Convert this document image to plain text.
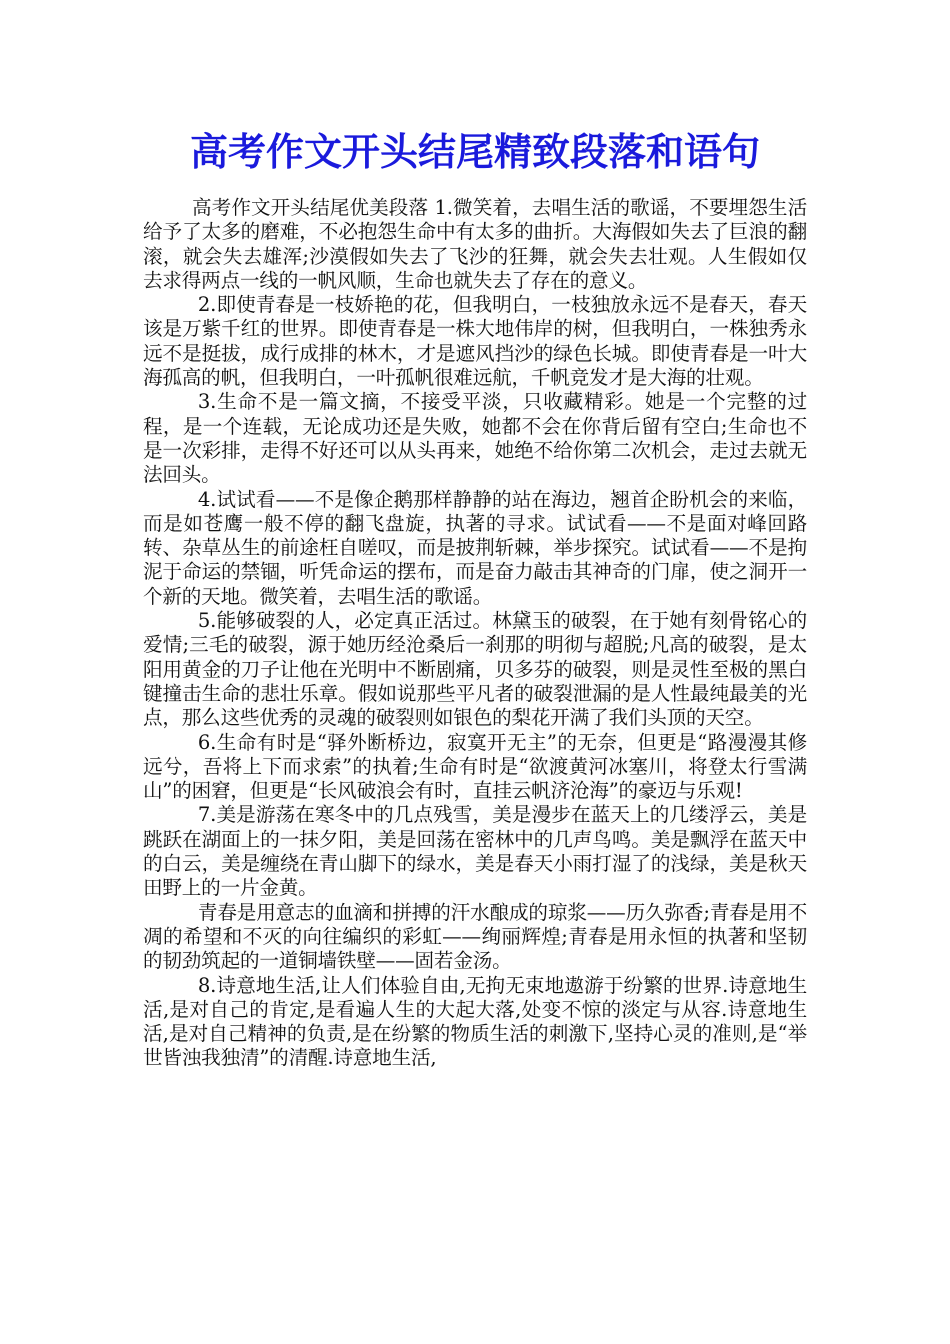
高考作文开头结尾精致段落和语句

高考作文开头结尾优美段落 1.微笑着，去唱生活的歌谣，不要埋怨生活给予了太多的磨难，不必抱怨生命中有太多的曲折。大海假如失去了巨浪的翻滚，就会失去雄浑;沙漠假如失去了飞沙的狂舞，就会失去壮观。人生假如仅去求得两点一线的一帆风顺，生命也就失去了存在的意义。

2.即使青春是一枝娇艳的花，但我明白，一枝独放永远不是春天，春天该是万紫千红的世界。即使青春是一株大地伟岸的树，但我明白，一株独秀永远不是挺拔，成行成排的林木，才是遮风挡沙的绿色长城。即使青春是一叶大海孤高的帆，但我明白，一叶孤帆很难远航，千帆竞发才是大海的壮观。

3.生命不是一篇文摘，不接受平淡，只收藏精彩。她是一个完整的过程，是一个连载，无论成功还是失败，她都不会在你背后留有空白;生命也不是一次彩排，走得不好还可以从头再来，她绝不给你第二次机会，走过去就无法回头。

4.试试看——不是像企鹅那样静静的站在海边，翘首企盼机会的来临，而是如苍鹰一般不停的翻飞盘旋，执著的寻求。试试看——不是面对峰回路转、杂草丛生的前途枉自嗟叹，而是披荆斩棘，举步探究。试试看——不是拘泥于命运的禁锢，听凭命运的摆布，而是奋力敲击其神奇的门扉，使之洞开一个新的天地。微笑着，去唱生活的歌谣。

5.能够破裂的人，必定真正活过。林黛玉的破裂，在于她有刻骨铭心的爱情;三毛的破裂，源于她历经沧桑后一刹那的明彻与超脱;凡高的破裂，是太阳用黄金的刀子让他在光明中不断剧痛，贝多芬的破裂，则是灵性至极的黑白键撞击生命的悲壮乐章。假如说那些平凡者的破裂泄漏的是人性最纯最美的光点，那么这些优秀的灵魂的破裂则如银色的梨花开满了我们头顶的天空。

6.生命有时是“驿外断桥边，寂寞开无主”的无奈，但更是“路漫漫其修远兮，吾将上下而求索”的执着;生命有时是“欲渡黄河冰塞川，将登太行雪满山”的困窘，但更是“长风破浪会有时，直挂云帆济沧海”的豪迈与乐观!

7.美是游荡在寒冬中的几点残雪，美是漫步在蓝天上的几缕浮云，美是跳跃在湖面上的一抹夕阳，美是回荡在密林中的几声鸟鸣。美是飘浮在蓝天中的白云，美是缠绕在青山脚下的绿水，美是春天小雨打湿了的浅绿，美是秋天田野上的一片金黄。

青春是用意志的血滴和拼搏的汗水酿成的琼浆——历久弥香;青春是用不凋的希望和不灭的向往编织的彩虹——绚丽辉煌;青春是用永恒的执著和坚韧的韧劲筑起的一道铜墙铁壁——固若金汤。

8.诗意地生活,让人们体验自由,无拘无束地遨游于纷繁的世界.诗意地生活,是对自己的肯定,是看遍人生的大起大落,处变不惊的淡定与从容.诗意地生活,是对自己精神的负责,是在纷繁的物质生活的刺激下,坚持心灵的准则,是“举世皆浊我独清”的清醒.诗意地生活,
